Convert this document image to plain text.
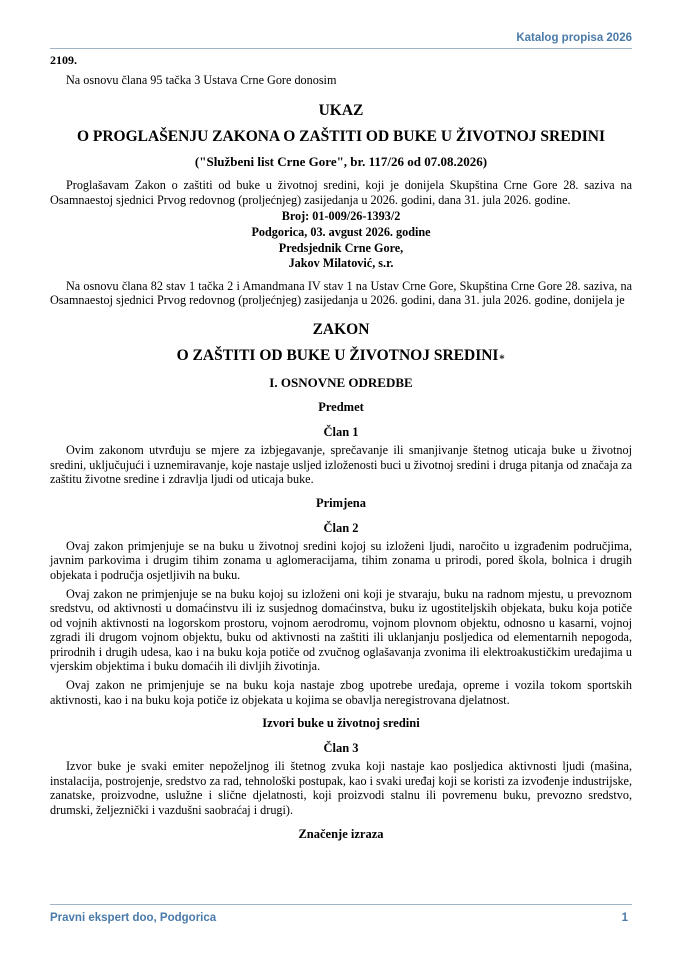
Katalog propisa 2026

2109.

Na osnovu člana 95 tačka 3 Ustava Crne Gore donosim

UKAZ
O PROGLAŠENJU ZAKONA O ZAŠTITI OD BUKE U ŽIVOTNOJ SREDINI
("Službeni list Crne Gore", br. 117/26 od 07.08.2026)

Proglašavam Zakon o zaštiti od buke u životnoj sredini, koji je donijela Skupština Crne Gore 28. saziva na Osamnaestoj sjednici Prvog redovnog (proljećnjeg) zasijedanja u 2026. godini, dana 31. jula 2026. godine.

Broj: 01-009/26-1393/2

Podgorica, 03. avgust 2026. godine

Predsjednik Crne Gore,

Jakov Milatović, s.r.

Na osnovu člana 82 stav 1 tačka 2 i Amandmana IV stav 1 na Ustav Crne Gore, Skupština Crne Gore 28. saziva, na Osamnaestoj sjednici Prvog redovnog (proljećnjeg) zasijedanja u 2026. godini, dana 31. jula 2026. godine, donijela je

ZAKON
O ZAŠTITI OD BUKE U ŽIVOTNOJ SREDINI∗
I. OSNOVNE ODREDBE
Predmet
Član 1

Ovim zakonom utvrđuju se mjere za izbjegavanje, sprečavanje ili smanjivanje štetnog uticaja buke u životnoj sredini, uključujući i uznemiravanje, koje nastaje usljed izloženosti buci u životnoj sredini i druga pitanja od značaja za zaštitu životne sredine i zdravlja ljudi od uticaja buke.

Primjena
Član 2

Ovaj zakon primjenjuje se na buku u životnoj sredini kojoj su izloženi ljudi, naročito u izgrađenim područjima, javnim parkovima i drugim tihim zonama u aglomeracijama, tihim zonama u prirodi, pored škola, bolnica i drugih objekata i područja osjetljivih na buku.

Ovaj zakon ne primjenjuje se na buku kojoj su izloženi oni koji je stvaraju, buku na radnom mjestu, u prevoznom sredstvu, od aktivnosti u domaćinstvu ili iz susjednog domaćinstva, buku iz ugostiteljskih objekata, buku koja potiče od vojnih aktivnosti na logorskom prostoru, vojnom aerodromu, vojnom plovnom objektu, odnosno u kasarni, vojnoj zgradi ili drugom vojnom objektu, buku od aktivnosti na zaštiti ili uklanjanju posljedica od elementarnih nepogoda, prirodnih i drugih udesa, kao i na buku koja potiče od zvučnog oglašavanja zvonima ili elektroakustičkim uređajima u vjerskim objektima i buku domaćih ili divljih životinja.

Ovaj zakon ne primjenjuje se na buku koja nastaje zbog upotrebe uređaja, opreme i vozila tokom sportskih aktivnosti, kao i na buku koja potiče iz objekata u kojima se obavlja neregistrovana djelatnost.

Izvori buke u životnoj sredini
Član 3

Izvor buke je svaki emiter nepoželjnog ili štetnog zvuka koji nastaje kao posljedica aktivnosti ljudi (mašina, instalacija, postrojenje, sredstvo za rad, tehnološki postupak, kao i svaki uređaj koji se koristi za izvođenje industrijske, zanatske, proizvodne, uslužne i slične djelatnosti, koji proizvodi stalnu ili povremenu buku, prevozno sredstvo, drumski, željeznički i vazdušni saobraćaj i drugi).

Značenje izraza
Pravni ekspert doo, Podgorica	1
